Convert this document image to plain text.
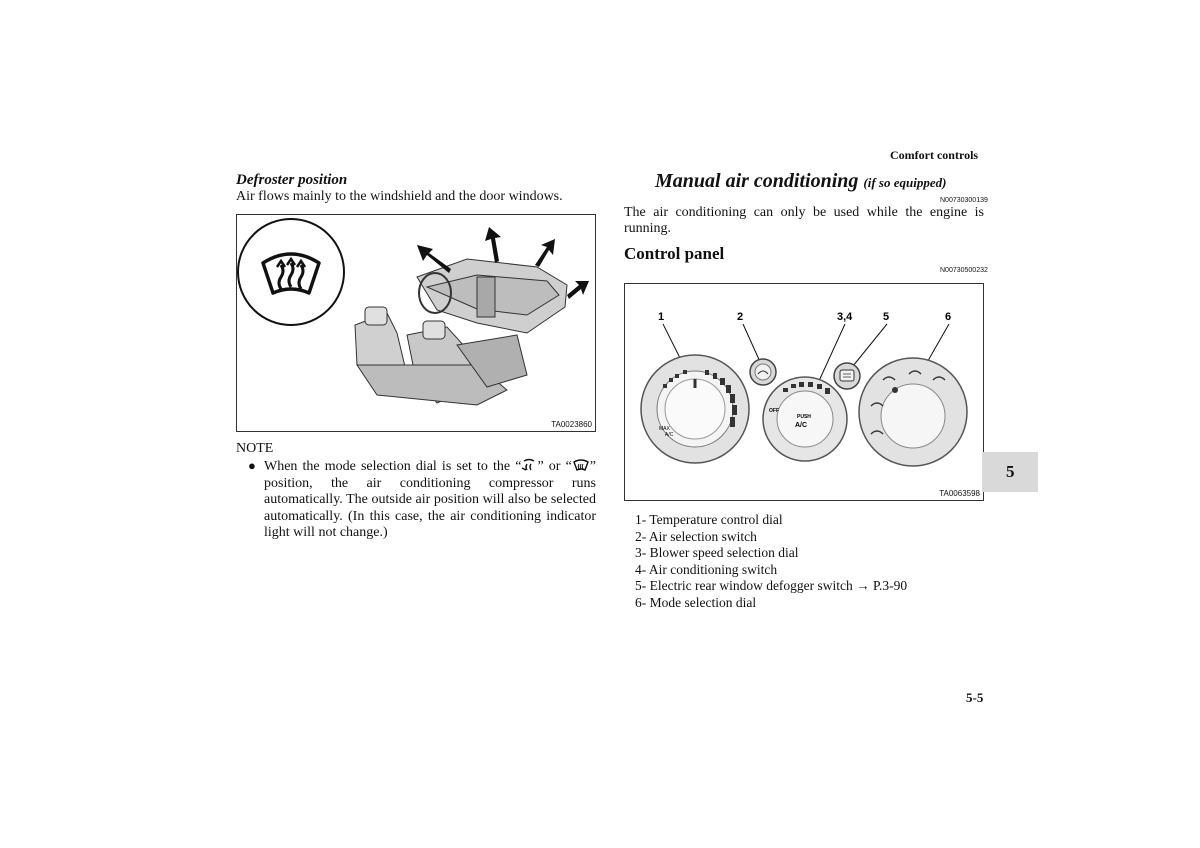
Comfort controls
Defroster position
Air flows mainly to the windshield and the door windows.
TA0023860
NOTE
● When the mode selection dial is set to the “ ” or “ ” position, the air conditioning compressor runs automatically. The outside air position will also be selected automatically. (In this case, the air conditioning indicator light will not change.)
Manual air conditioning (if so equipped)
N00730300139
The air conditioning can only be used while the engine is running.
Control panel
N00730500232
1	2	3,4	5	6
MAX
A/C
OFF
PUSH
A/C
TA0063598
1- Temperature control dial
2- Air selection switch
3- Blower speed selection dial
4- Air conditioning switch
5- Electric rear window defogger switch → P.3-90
6- Mode selection dial
5
5-5
